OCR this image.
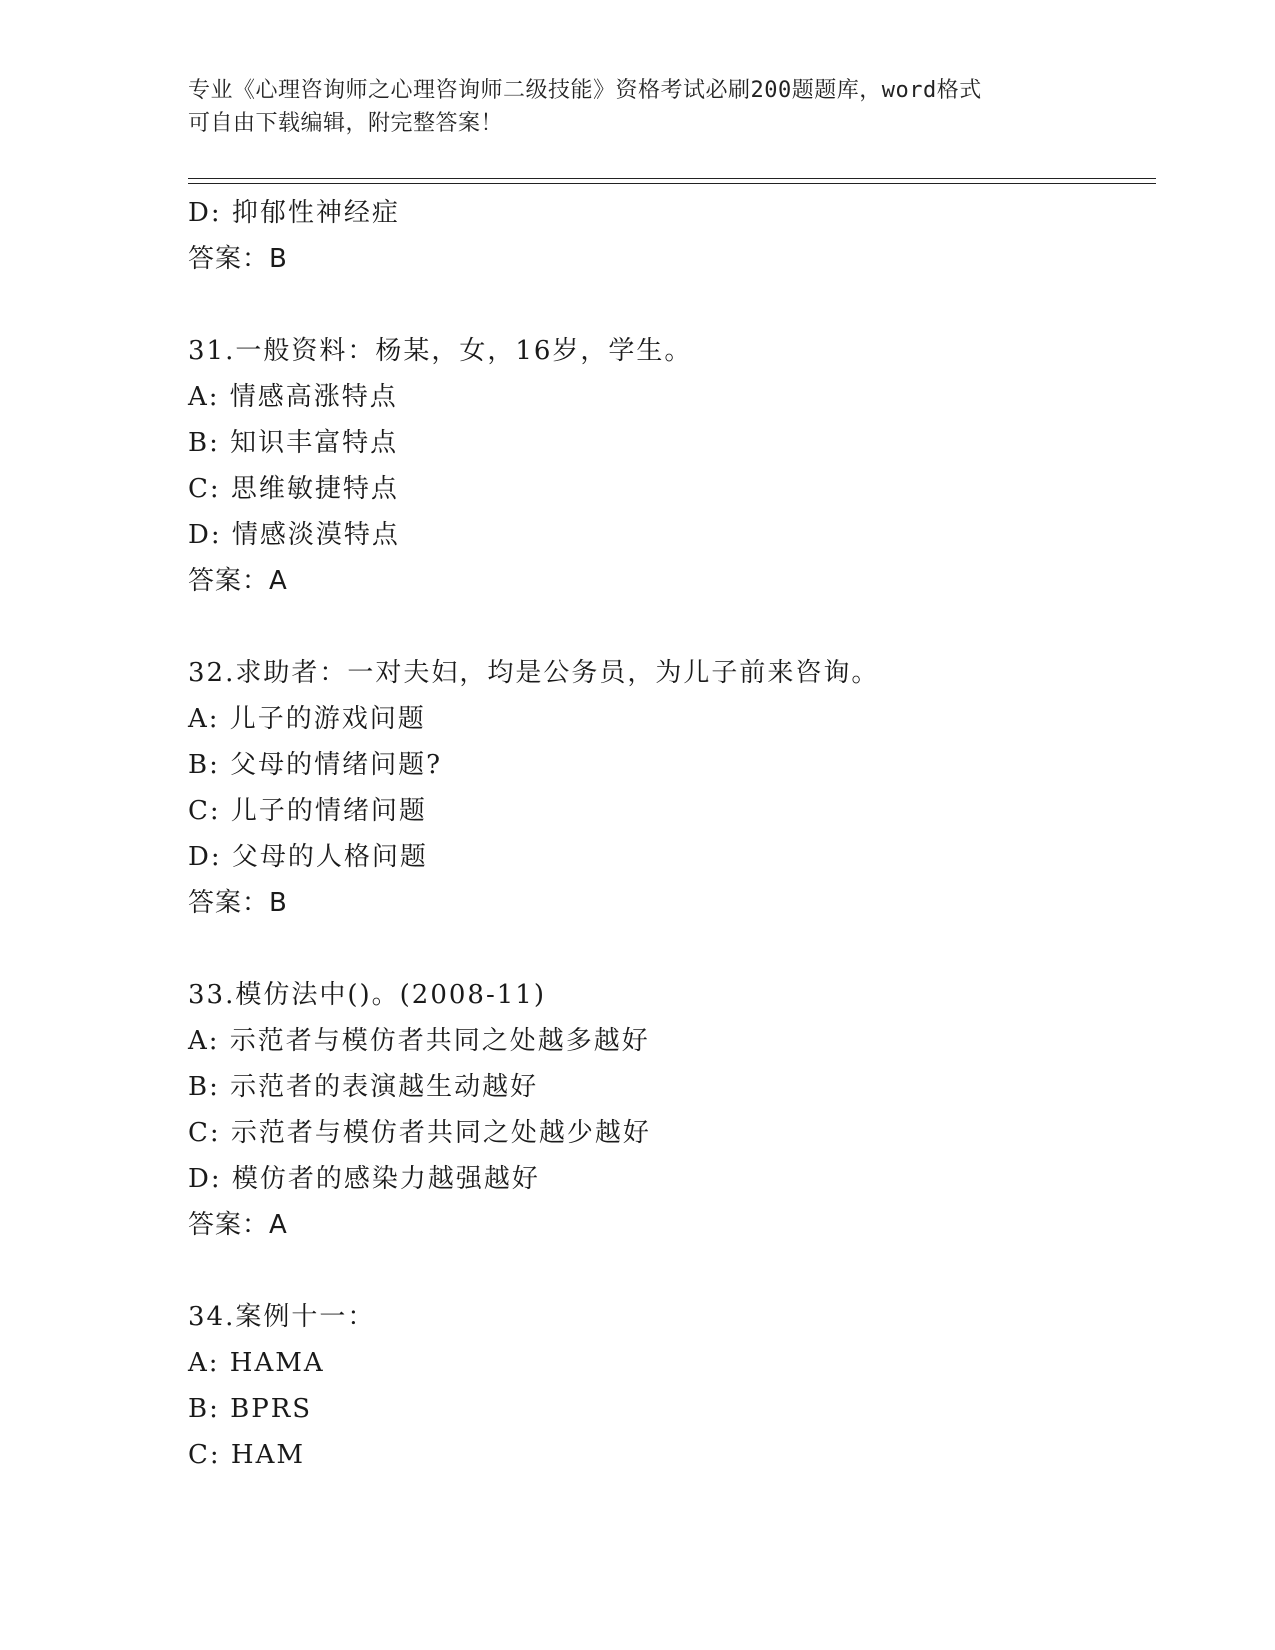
专业《心理咨询师之心理咨询师二级技能》资格考试必刷200题题库，word格式
可自由下载编辑，附完整答案！
D: 抑郁性神经症
答案：B
31.一般资料：杨某，女，16岁，学生。
A: 情感高涨特点
B: 知识丰富特点
C: 思维敏捷特点
D: 情感淡漠特点
答案：A
32.求助者：一对夫妇，均是公务员，为儿子前来咨询。
A: 儿子的游戏问题
B: 父母的情绪问题?
C: 儿子的情绪问题
D: 父母的人格问题
答案：B
33.模仿法中()。(2008-11)
A: 示范者与模仿者共同之处越多越好
B: 示范者的表演越生动越好
C: 示范者与模仿者共同之处越少越好
D: 模仿者的感染力越强越好
答案：A
34.案例十一：
A: HAMA
B: BPRS
C: HAM
